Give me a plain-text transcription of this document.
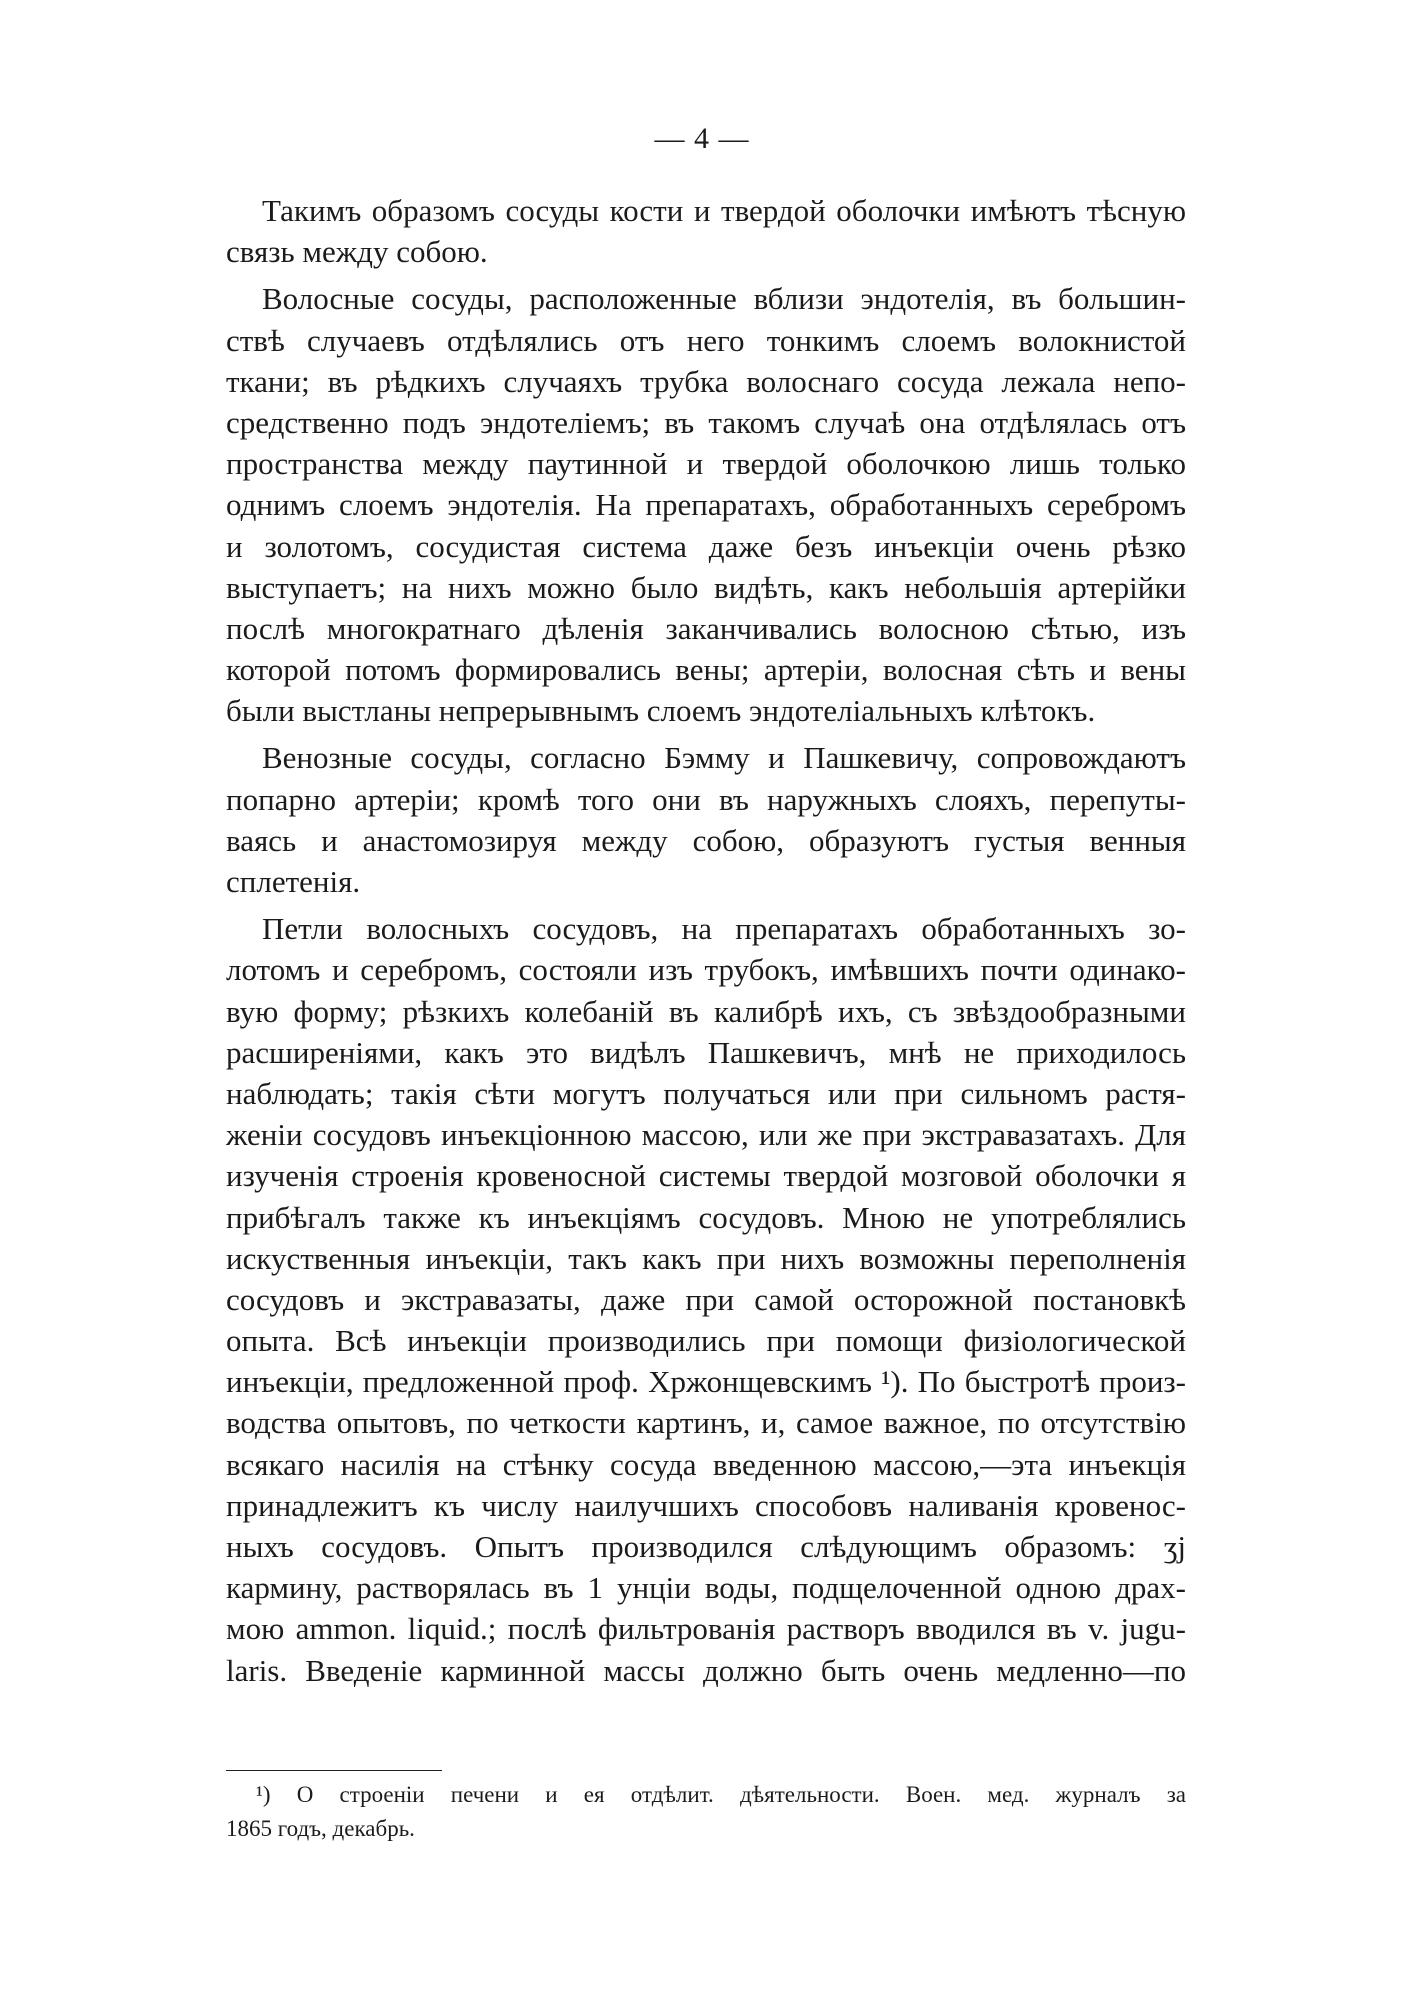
— 4 —
Такимъ образомъ сосуды кости и твердой оболочки имѣютъ тѣсную
связь между собою.
Волосные сосуды, расположенные вблизи эндотелія, въ большин-
ствѣ случаевъ отдѣлялись отъ него тонкимъ слоемъ волокнистой
ткани; въ рѣдкихъ случаяхъ трубка волоснаго сосуда лежала непо-
средственно подъ эндотеліемъ; въ такомъ случаѣ она отдѣлялась отъ
пространства между паутинной и твердой оболочкою лишь только
однимъ слоемъ эндотелія. На препаратахъ, обработанныхъ серебромъ
и золотомъ, сосудистая система даже безъ инъекціи очень рѣзко
выступаетъ; на нихъ можно было видѣть, какъ небольшія артерійки
послѣ многократнаго дѣленія заканчивались волосною сѣтью, изъ
которой потомъ формировались вены; артеріи, волосная сѣть и вены
были выстланы непрерывнымъ слоемъ эндотеліальныхъ клѣтокъ.
Венозные сосуды, согласно Бэмму и Пашкевичу, сопровождаютъ
попарно артеріи; кромѣ того они въ наружныхъ слояхъ, перепуты-
ваясь и анастомозируя между собою, образуютъ густыя венныя
сплетенія.
Петли волосныхъ сосудовъ, на препаратахъ обработанныхъ зо-
лотомъ и серебромъ, состояли изъ трубокъ, имѣвшихъ почти одинако-
вую форму; рѣзкихъ колебаній въ калибрѣ ихъ, съ звѣздообразными
расширеніями, какъ это видѣлъ Пашкевичъ, мнѣ не приходилось
наблюдать; такія сѣти могутъ получаться или при сильномъ растя-
женіи сосудовъ инъекціонною массою, или же при экстравазатахъ. Для
изученія строенія кровеносной системы твердой мозговой оболочки я
прибѣгалъ также къ инъекціямъ сосудовъ. Мною не употреблялись
искуственныя инъекціи, такъ какъ при нихъ возможны переполненія
сосудовъ и экстравазаты, даже при самой осторожной постановкѣ
опыта. Всѣ инъекціи производились при помощи физіологической
инъекціи, предложенной проф. Хржонщевскимъ ¹). По быстротѣ произ-
водства опытовъ, по четкости картинъ, и, самое важное, по отсутствію
всякаго насилія на стѣнку сосуда введенною массою,—эта инъекція
принадлежитъ къ числу наилучшихъ способовъ наливанія кровенос-
ныхъ сосудовъ. Опытъ производился слѣдующимъ образомъ: ʒj
кармину, растворялась въ 1 унціи воды, подщелоченной одною драх-
мою ammon. liquid.; послѣ фильтрованія растворъ вводился въ v. jugu-
laris. Введеніе карминной массы должно быть очень медленно—по
¹) О строеніи печени и ея отдѣлит. дѣятельности. Воен. мед. журналъ за
1865 годъ, декабрь.
